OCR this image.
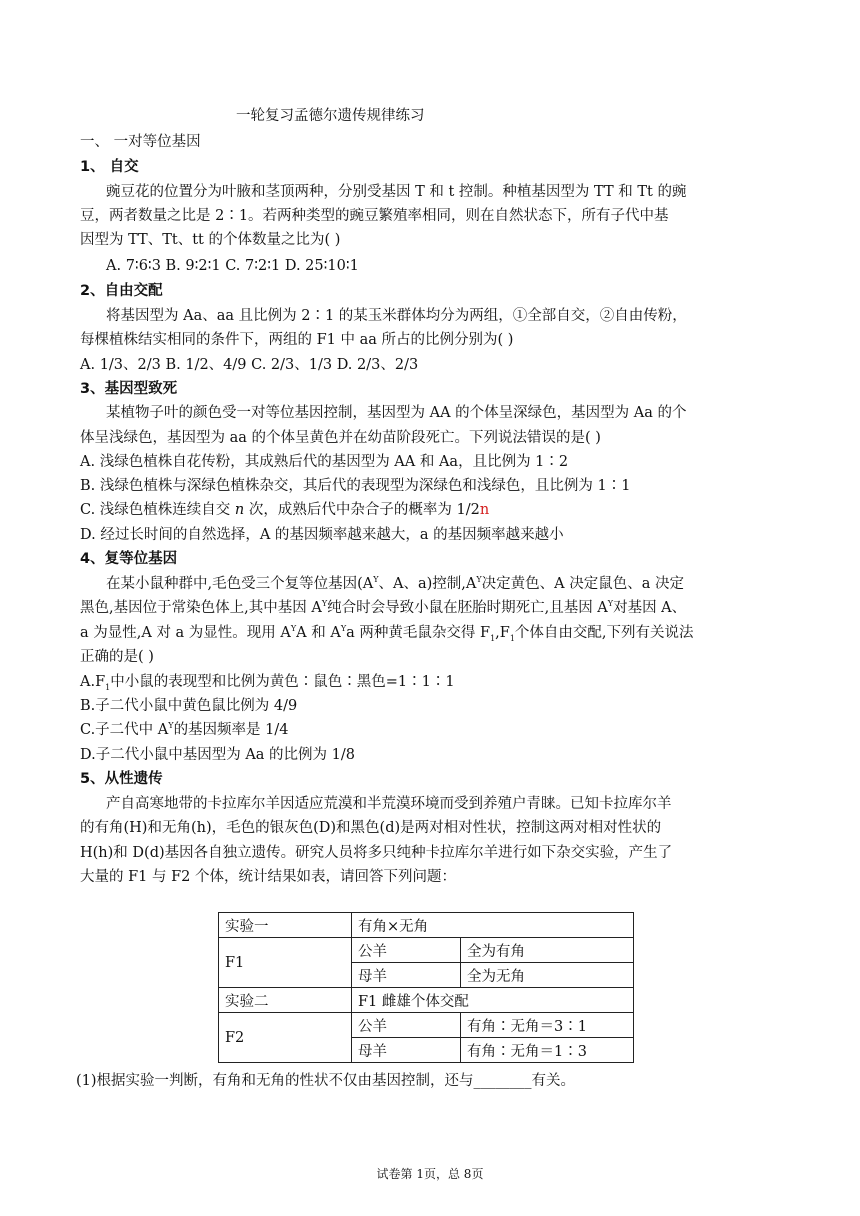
一轮复习孟德尔遗传规律练习
一、 一对等位基因
1、 自交
豌豆花的位置分为叶腋和茎顶两种，分别受基因 T 和 t 控制。种植基因型为 TT 和 Tt 的豌
豆，两者数量之比是 2∶1。若两种类型的豌豆繁殖率相同，则在自然状态下，所有子代中基
因型为 TT、Tt、tt 的个体数量之比为( )
A. 7∶6∶3 B. 9∶2∶1 C. 7∶2∶1 D. 25∶10∶1
2、自由交配
将基因型为 Aa、aa 且比例为 2∶1 的某玉米群体均分为两组，①全部自交，②自由传粉，
每棵植株结实相同的条件下，两组的 F1 中 aa 所占的比例分别为( )
A. 1/3、2/3 B. 1/2、4/9 C. 2/3、1/3 D. 2/3、2/3
3、基因型致死
某植物子叶的颜色受一对等位基因控制，基因型为 AA 的个体呈深绿色，基因型为 Aa 的个
体呈浅绿色，基因型为 aa 的个体呈黄色并在幼苗阶段死亡。下列说法错误的是( )
A. 浅绿色植株自花传粉，其成熟后代的基因型为 AA 和 Aa，且比例为 1∶2
B. 浅绿色植株与深绿色植株杂交，其后代的表现型为深绿色和浅绿色，且比例为 1∶1
C. 浅绿色植株连续自交 n 次，成熟后代中杂合子的概率为 1/2n
D. 经过长时间的自然选择，A 的基因频率越来越大，a 的基因频率越来越小
4、复等位基因
在某小鼠种群中,毛色受三个复等位基因($A^Y$、A、a)控制$,A^Y$决定黄色、A 决定鼠色、a 决定
黑色,基因位于常染色体上,其中基因 $A^Y$纯合时会导致小鼠在胚胎时期死亡,且基因 $A^Y$对基因 A、
a 为显性,A 对 a 为显性。现用 $A^YA$ 和 $A^Ya$ 两种黄毛鼠杂交得 $F_1,F_1$个体自由交配,下列有关说法
正确的是( )
$A.F_1$中小鼠的表现型和比例为黄色∶鼠色∶黑色=1∶1∶1
B.子二代小鼠中黄色鼠比例为 4/9
C.子二代中 $A^Y$的基因频率是 1/4
D.子二代小鼠中基因型为 Aa 的比例为 1/8
5、从性遗传
产自高寒地带的卡拉库尔羊因适应荒漠和半荒漠环境而受到养殖户青睐。已知卡拉库尔羊
的有角(H)和无角(h)，毛色的银灰色(D)和黑色(d)是两对相对性状，控制这两对相对性状的
H(h)和 D(d)基因各自独立遗传。研究人员将多只纯种卡拉库尔羊进行如下杂交实验，产生了
大量的 F1 与 F2 个体，统计结果如表，请回答下列问题：
实验一	有角×无角	
F1	公羊	全为有角
	母羊	全为无角
实验二	F1 雌雄个体交配	
F2	公羊	有角∶无角＝3∶1
	母羊	有角∶无角＝1∶3
(1)根据实验一判断，有角和无角的性状不仅由基因控制，还与________有关。
试卷第 1页，总 8页
